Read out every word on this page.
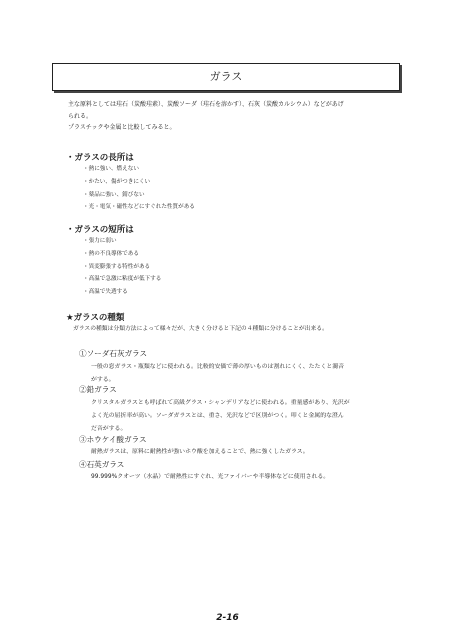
ガラス
主な原料としては珪石（炭酸珪素）、炭酸ソーダ（珪石を溶かす）、石灰（炭酸カルシウム）などがあげ
られる。
プラスチックや金属と比較してみると。
・ガラスの長所は
・熱に強い、燃えない
・かたい、傷がつきにくい
・薬品に強い、錆びない
・光・電気・磁性などにすぐれた性質がある
・ガラスの短所は
・張力に弱い
・熱の不良導体である
・異変膨張する特性がある
・高温で急激に粘度が低下する
・高温で失透する
★ガラスの種類
ガラスの種類は分類方法によって様々だが、大きく分けると下記の４種類に分けることが出来る。
①ソーダ石灰ガラス
一般の窓ガラス・瓶類などに使われる。比較的安価で薄の厚いものは割れにくく、たたくと濁音
がする。
②鉛ガラス
クリスタルガラスとも呼ばれて高級グラス・シャンデリアなどに使われる。重量感があり、光沢が
よく光の屈折率が高い。ソーダガラスとは、重さ、光沢などで区別がつく。叩くと金属的な澄ん
だ音がする。
③ホウケイ酸ガラス
耐熱ガラスは、原料に耐熱性が強いホウ酸を加えることで、熱に強くしたガラス。
④石英ガラス
99.999%クオーツ（水晶）で耐熱性にすぐれ、光ファイバーや半導体などに使用される。
2-16
